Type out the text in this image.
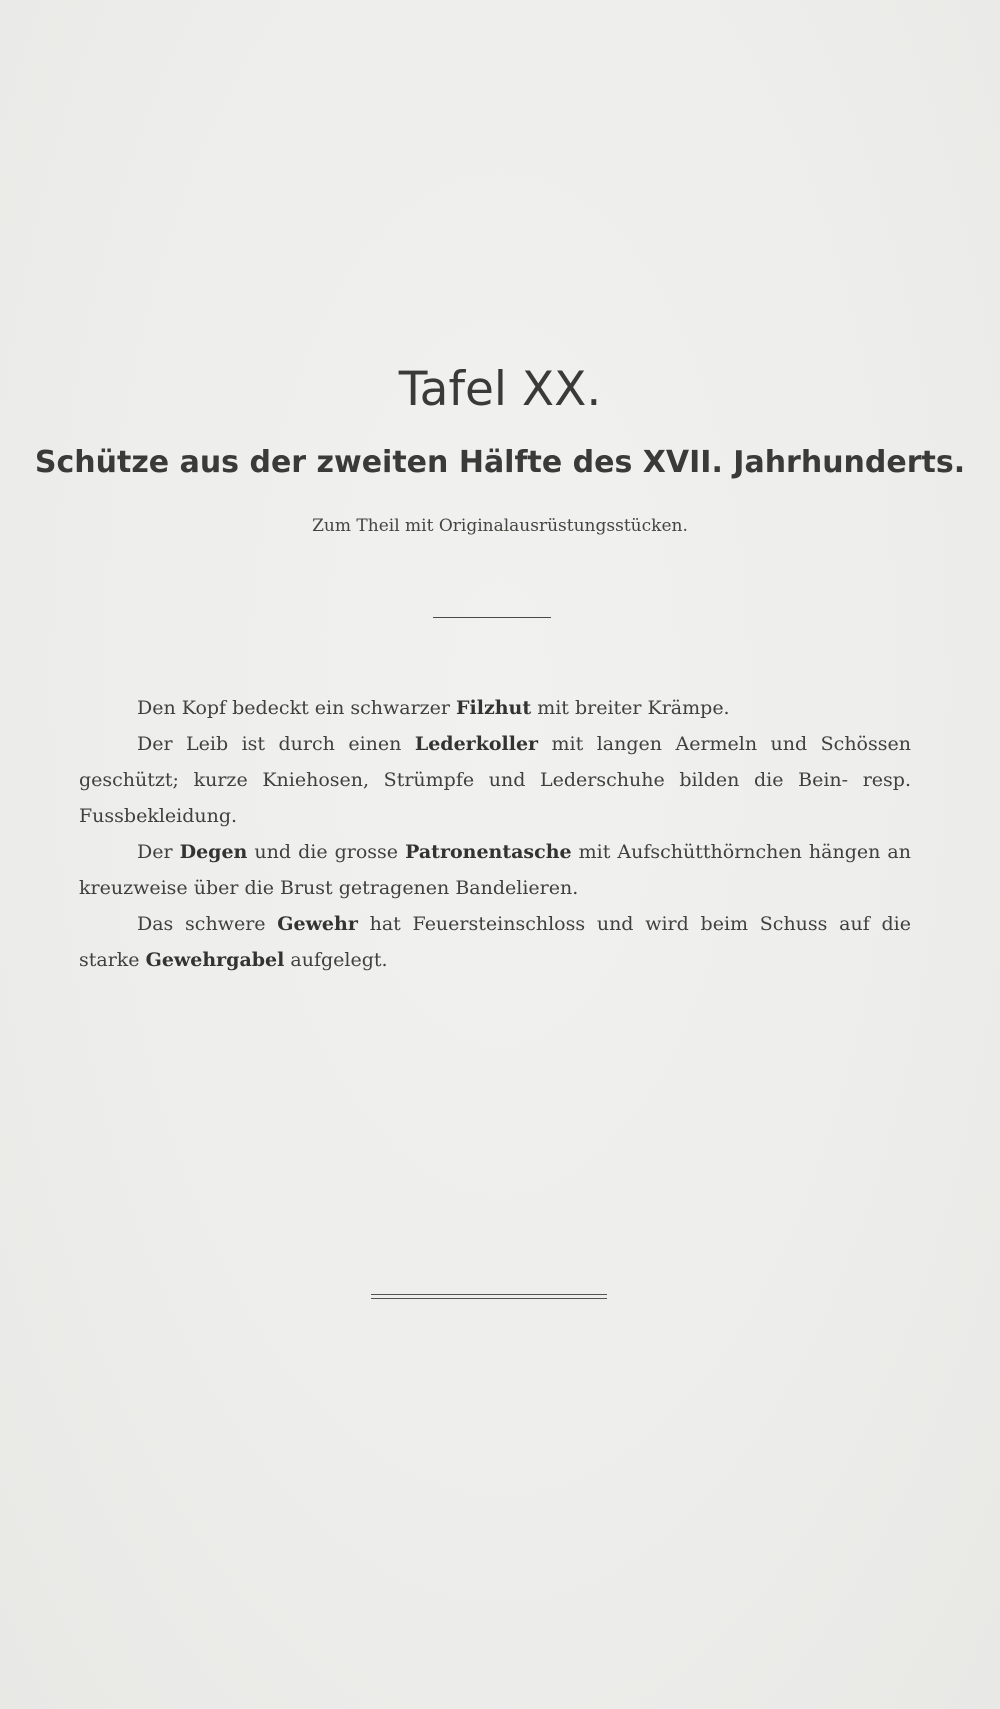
Tafel XX.
Schütze aus der zweiten Hälfte des XVII. Jahrhunderts.

Zum Theil mit Originalausrüstungsstücken.

Den Kopf bedeckt ein schwarzer Filzhut mit breiter Krämpe.

Der Leib ist durch einen Lederkoller mit langen Aermeln und Schössen geschützt; kurze Kniehosen, Strümpfe und Lederschuhe bilden die Bein- resp. Fussbekleidung.

Der Degen und die grosse Patronentasche mit Aufschütthörnchen hängen an kreuzweise über die Brust getragenen Bandelieren.

Das schwere Gewehr hat Feuersteinschloss und wird beim Schuss auf die starke Gewehrgabel aufgelegt.
